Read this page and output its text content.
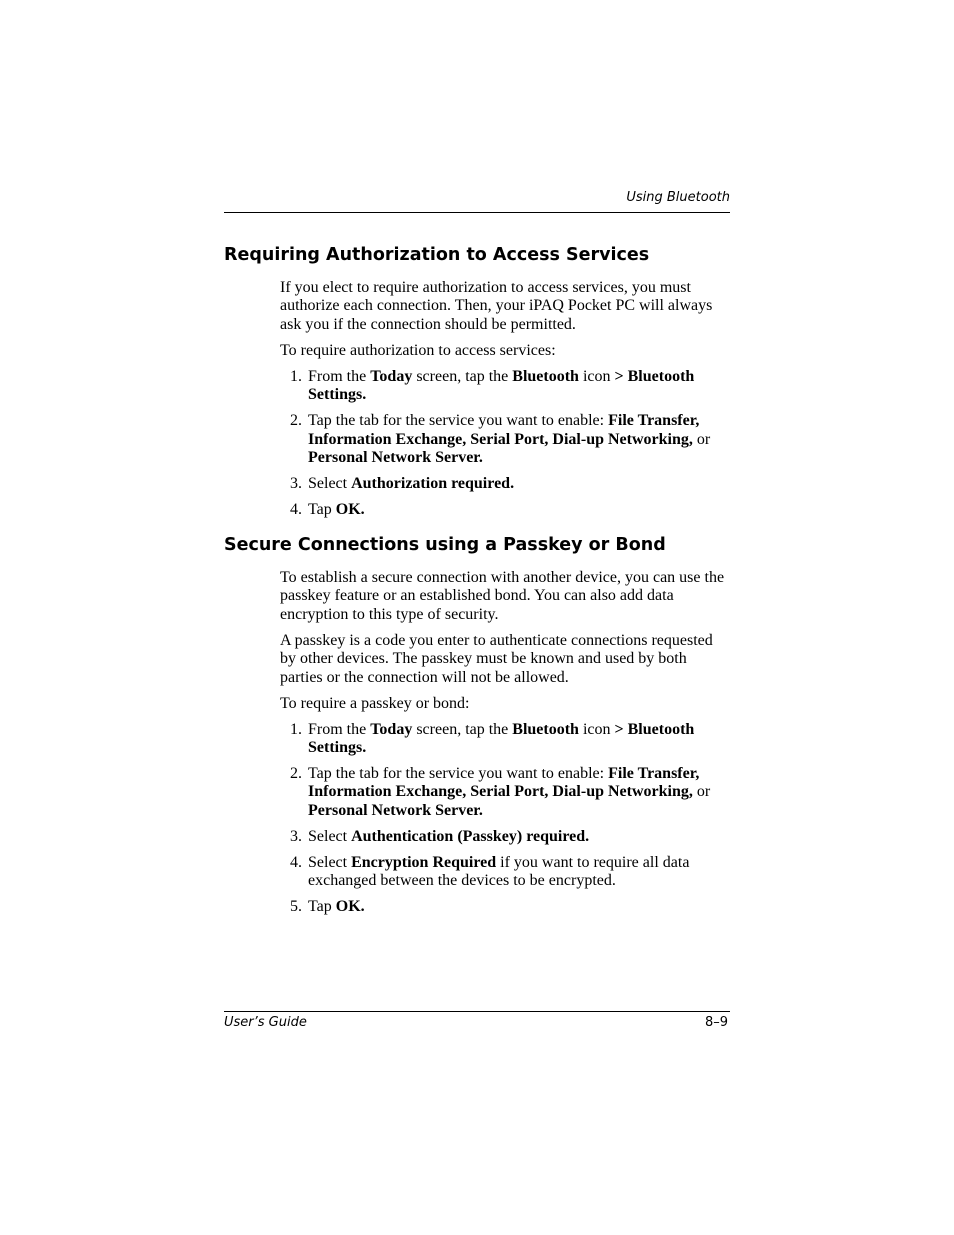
Using Bluetooth
Requiring Authorization to Access Services

If you elect to require authorization to access services, you must authorize each connection. Then, your iPAQ Pocket PC will always ask you if the connection should be permitted.

To require authorization to access services:

1. From the Today screen, tap the Bluetooth icon > Bluetooth Settings.
2. Tap the tab for the service you want to enable: File Transfer, Information Exchange, Serial Port, Dial-up Networking, or Personal Network Server.
3. Select Authorization required.
4. Tap OK.
Secure Connections using a Passkey or Bond

To establish a secure connection with another device, you can use the passkey feature or an established bond. You can also add data encryption to this type of security.

A passkey is a code you enter to authenticate connections requested by other devices. The passkey must be known and used by both parties or the connection will not be allowed.

To require a passkey or bond:

1. From the Today screen, tap the Bluetooth icon > Bluetooth Settings.
2. Tap the tab for the service you want to enable: File Transfer, Information Exchange, Serial Port, Dial-up Networking, or Personal Network Server.
3. Select Authentication (Passkey) required.
4. Select Encryption Required if you want to require all data exchanged between the devices to be encrypted.
5. Tap OK.
User’s Guide	8–9
